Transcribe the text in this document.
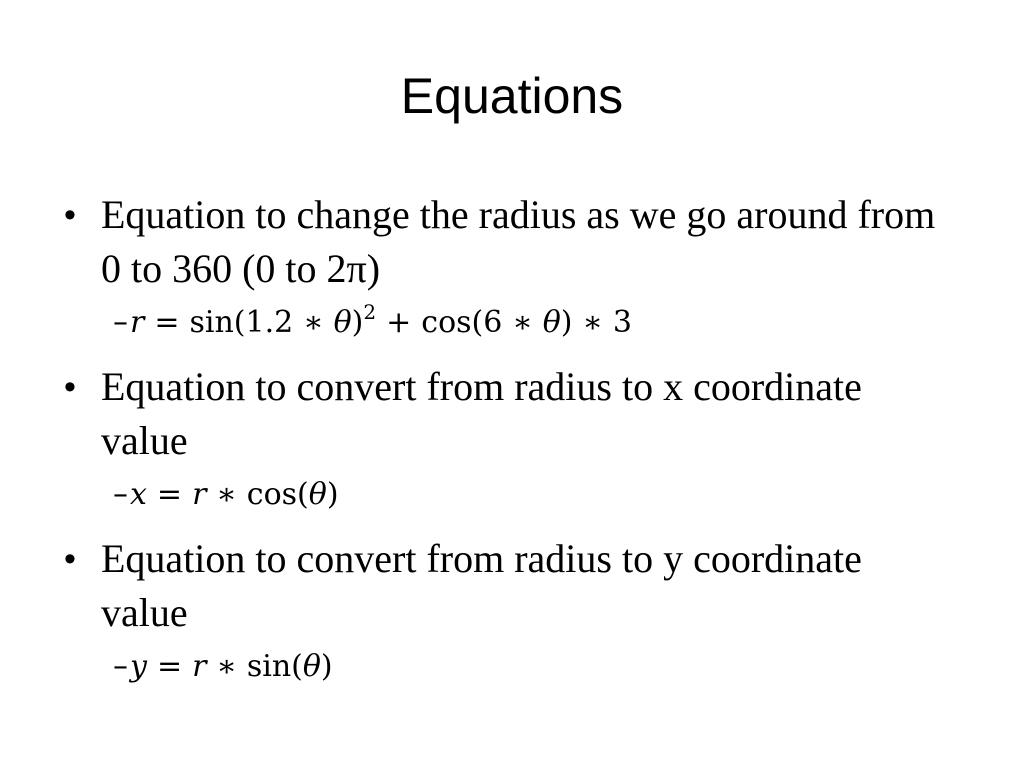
Equations
• Equation to change the radius as we go around from 0 to 360 (0 to 2π)
– r = sin(1.2 ∗ θ)$^2$ + cos(6 ∗ θ) ∗ 3
• Equation to convert from radius to x coordinate value
– x = r ∗ cos(θ)
• Equation to convert from radius to y coordinate value
– y = r ∗ sin(θ)
